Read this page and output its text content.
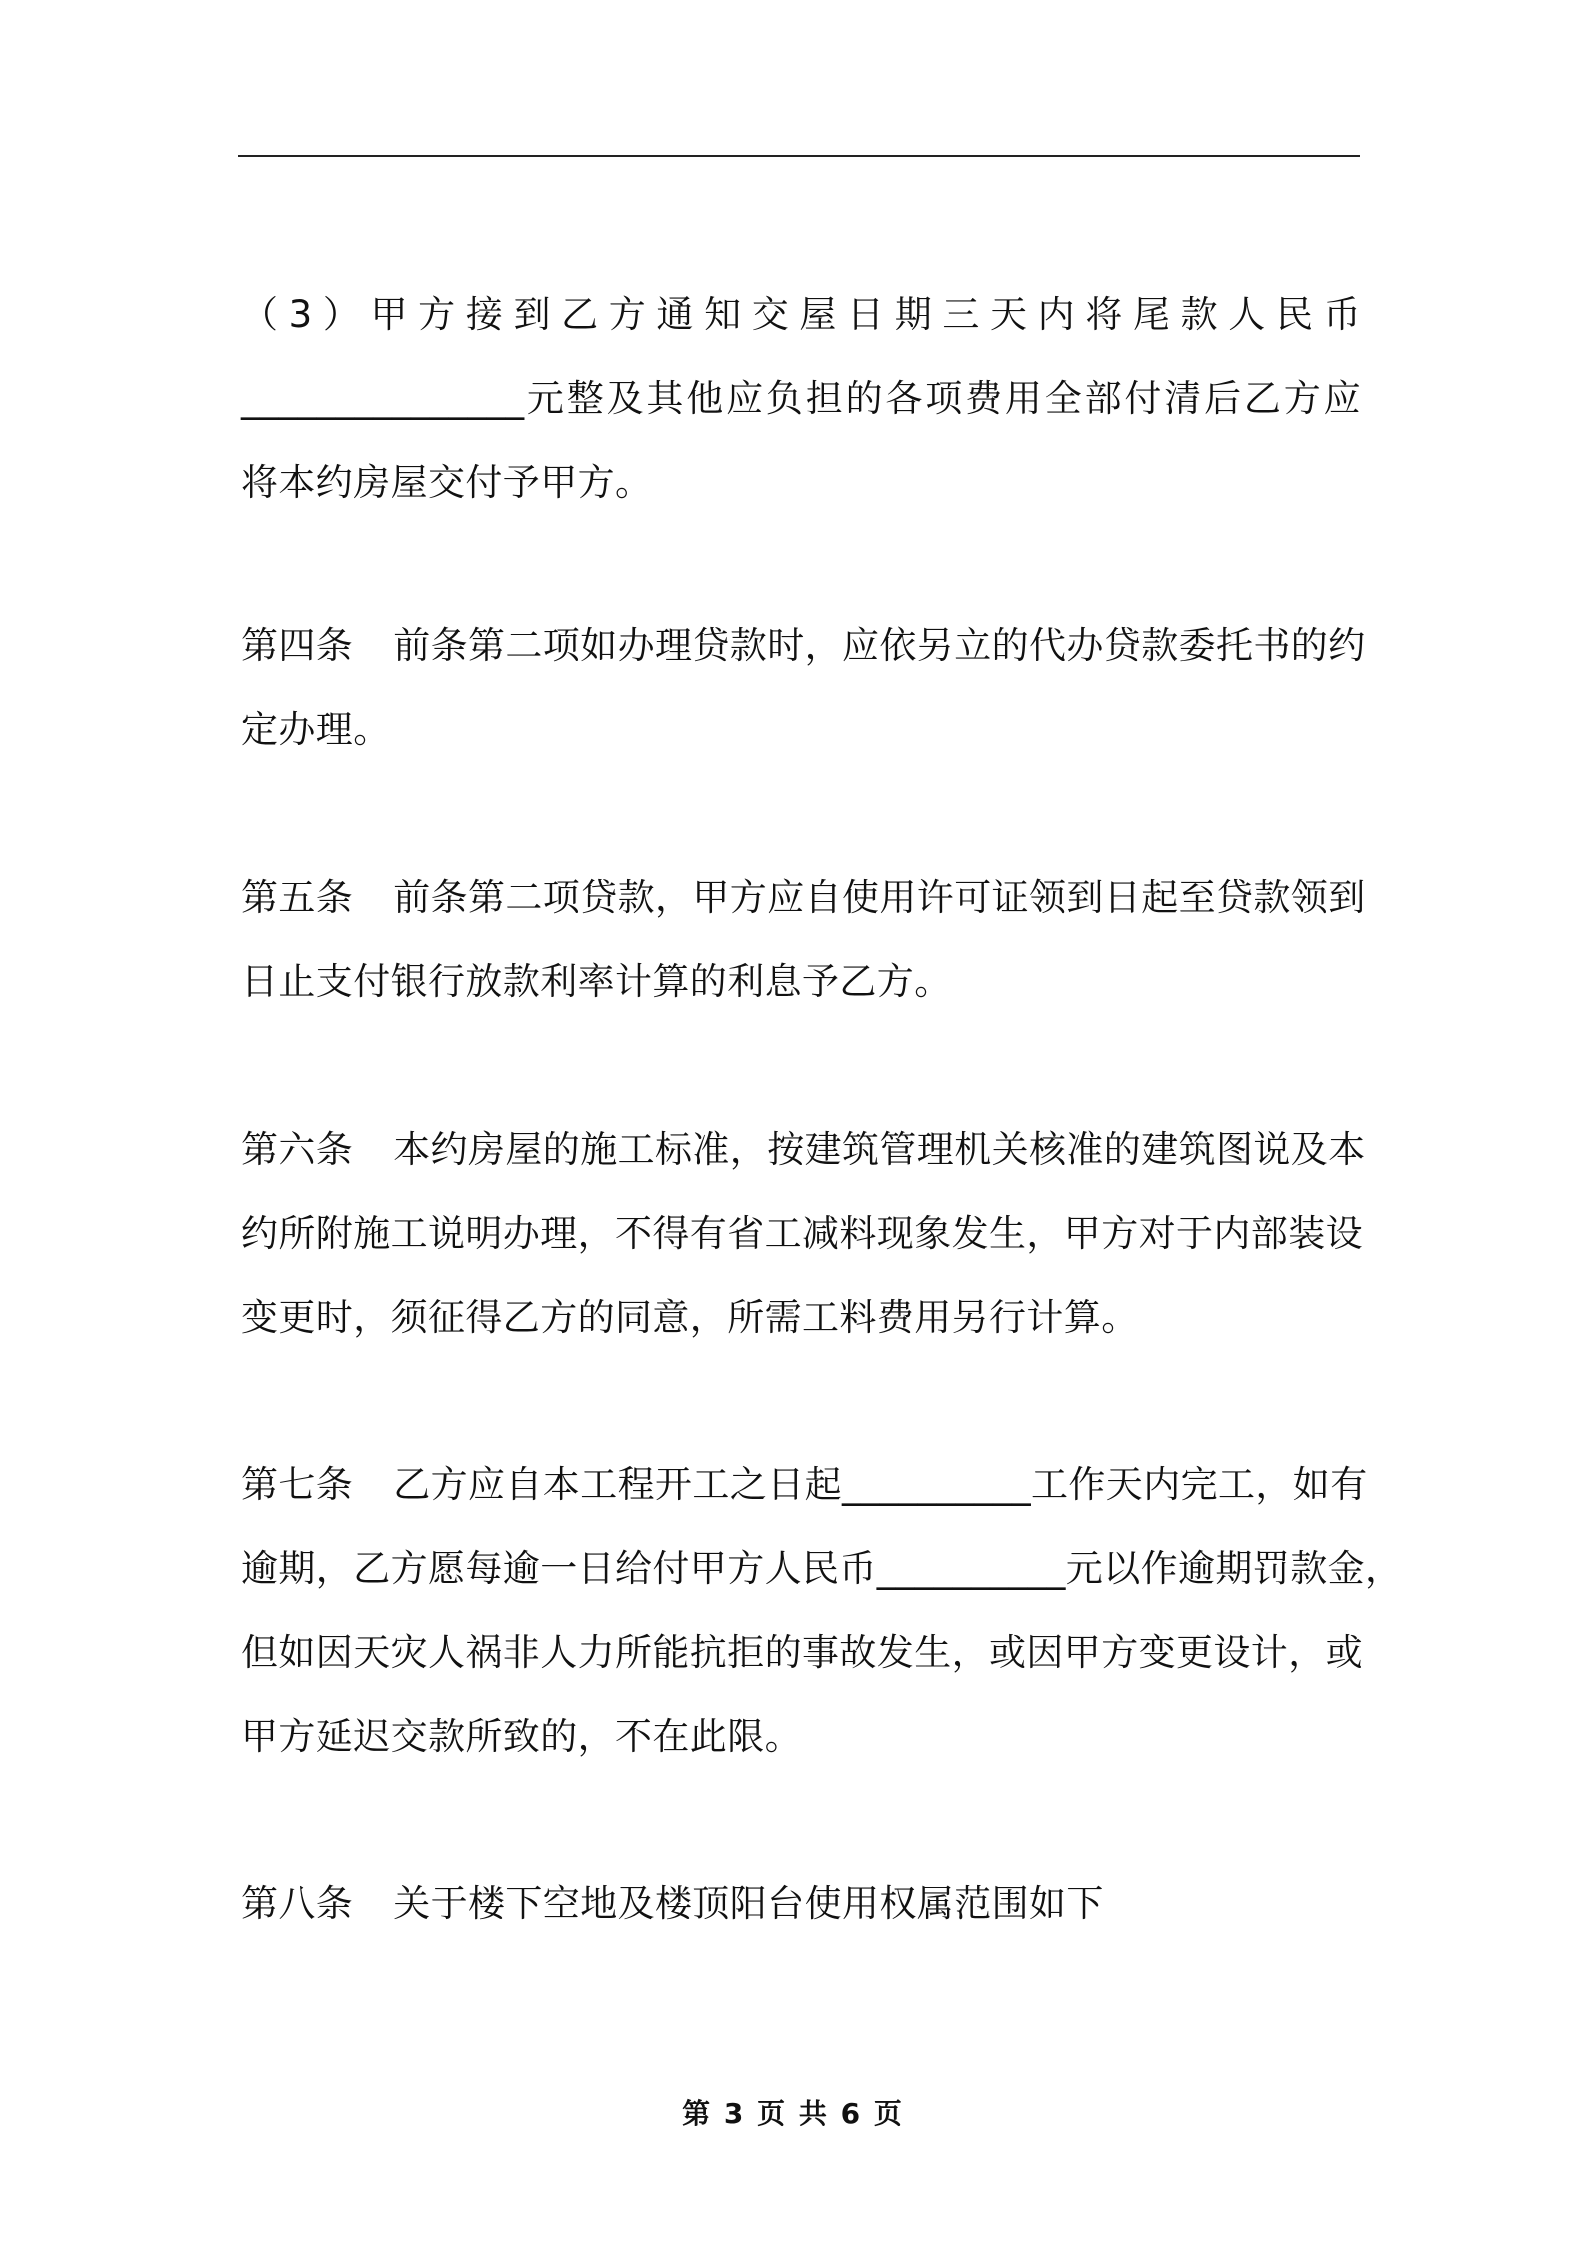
（3）甲方接到乙方通知交屋日期三天内将尾款人民币
_______________元整及其他应负担的各项费用全部付清后乙方应
将本约房屋交付予甲方。
第四条 前条第二项如办理贷款时，应依另立的代办贷款委托书的约
定办理。
第五条 前条第二项贷款，甲方应自使用许可证领到日起至贷款领到
日止支付银行放款利率计算的利息予乙方。
第六条 本约房屋的施工标准，按建筑管理机关核准的建筑图说及本
约所附施工说明办理，不得有省工减料现象发生，甲方对于内部装设
变更时，须征得乙方的同意，所需工料费用另行计算。
第七条 乙方应自本工程开工之日起__________工作天内完工，如有
逾期，乙方愿每逾一日给付甲方人民币__________元以作逾期罚款金，
但如因天灾人祸非人力所能抗拒的事故发生，或因甲方变更设计，或
甲方延迟交款所致的，不在此限。
第八条 关于楼下空地及楼顶阳台使用权属范围如下
第 3 页 共 6 页
